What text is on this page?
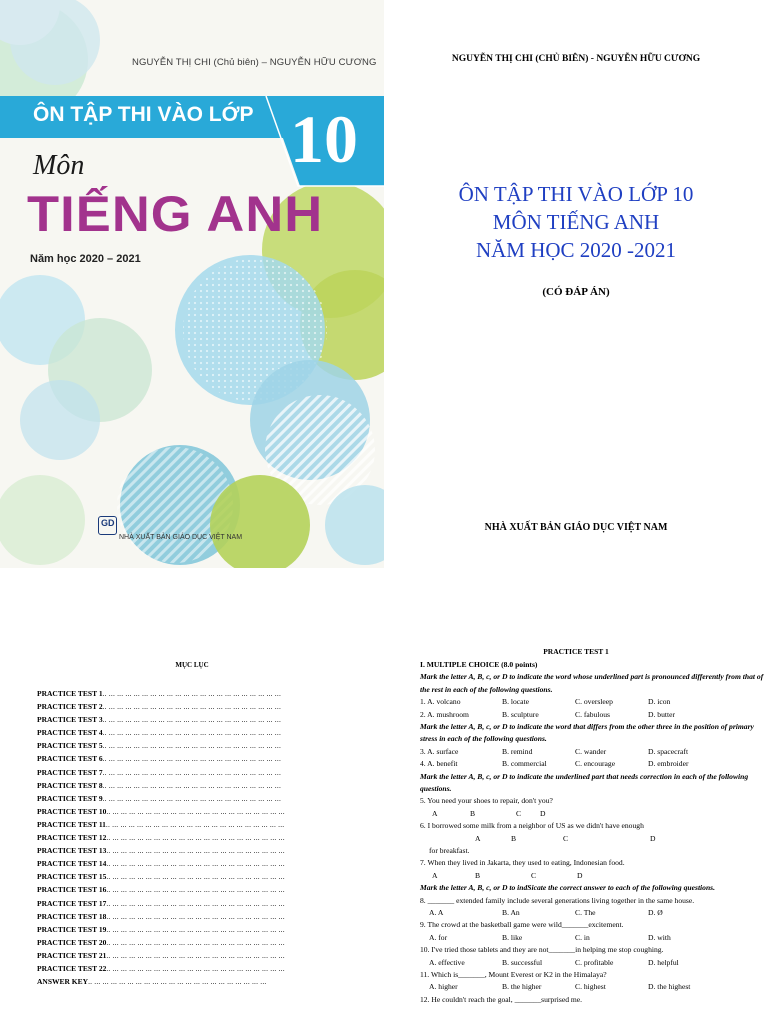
NGUYỄN THỊ CHI (Chủ biên) – NGUYỄN HỮU CƯƠNG
ÔN TẬP THI VÀO LỚP 10
Môn
TIẾNG ANH
Năm học 2020 – 2021
GD
NHÀ XUẤT BẢN GIÁO DỤC VIỆT NAM
NGUYỄN THỊ CHI (CHỦ BIÊN) - NGUYỄN HỮU CƯƠNG
ÔN TẬP THI VÀO LỚP 10
MÔN TIẾNG ANH
NĂM HỌC 2020 -2021
(CÓ ĐÁP ÁN)
NHÀ XUẤT BẢN GIÁO DỤC VIỆT NAM
MỤC LỤC
PRACTICE TEST 1.. ... ... ... ... ... ... ... ... ... ... ... ... ... ... ... ... ... ... ... ... ...
PRACTICE TEST 2.. ... ... ... ... ... ... ... ... ... ... ... ... ... ... ... ... ... ... ... ... ...
PRACTICE TEST 3.. ... ... ... ... ... ... ... ... ... ... ... ... ... ... ... ... ... ... ... ... ...
PRACTICE TEST 4.. ... ... ... ... ... ... ... ... ... ... ... ... ... ... ... ... ... ... ... ... ...
PRACTICE TEST 5.. ... ... ... ... ... ... ... ... ... ... ... ... ... ... ... ... ... ... ... ... ...
PRACTICE TEST 6.. ... ... ... ... ... ... ... ... ... ... ... ... ... ... ... ... ... ... ... ... ...
PRACTICE TEST 7.. ... ... ... ... ... ... ... ... ... ... ... ... ... ... ... ... ... ... ... ... ...
PRACTICE TEST 8.. ... ... ... ... ... ... ... ... ... ... ... ... ... ... ... ... ... ... ... ... ...
PRACTICE TEST 9.. ... ... ... ... ... ... ... ... ... ... ... ... ... ... ... ... ... ... ... ... ...
PRACTICE TEST 10.. ... ... ... ... ... ... ... ... ... ... ... ... ... ... ... ... ... ... ... ... ...
PRACTICE TEST 11.. ... ... ... ... ... ... ... ... ... ... ... ... ... ... ... ... ... ... ... ... ...
PRACTICE TEST 12.. ... ... ... ... ... ... ... ... ... ... ... ... ... ... ... ... ... ... ... ... ...
PRACTICE TEST 13.. ... ... ... ... ... ... ... ... ... ... ... ... ... ... ... ... ... ... ... ... ...
PRACTICE TEST 14.. ... ... ... ... ... ... ... ... ... ... ... ... ... ... ... ... ... ... ... ... ...
PRACTICE TEST 15.. ... ... ... ... ... ... ... ... ... ... ... ... ... ... ... ... ... ... ... ... ...
PRACTICE TEST 16.. ... ... ... ... ... ... ... ... ... ... ... ... ... ... ... ... ... ... ... ... ...
PRACTICE TEST 17.. ... ... ... ... ... ... ... ... ... ... ... ... ... ... ... ... ... ... ... ... ...
PRACTICE TEST 18.. ... ... ... ... ... ... ... ... ... ... ... ... ... ... ... ... ... ... ... ... ...
PRACTICE TEST 19.. ... ... ... ... ... ... ... ... ... ... ... ... ... ... ... ... ... ... ... ... ...
PRACTICE TEST 20.. ... ... ... ... ... ... ... ... ... ... ... ... ... ... ... ... ... ... ... ... ...
PRACTICE TEST 21.. ... ... ... ... ... ... ... ... ... ... ... ... ... ... ... ... ... ... ... ... ...
PRACTICE TEST 22.. ... ... ... ... ... ... ... ... ... ... ... ... ... ... ... ... ... ... ... ... ...
ANSWER KEY.. ... ... ... ... ... ... ... ... ... ... ... ... ... ... ... ... ... ... ... ... ...
PRACTICE TEST 1
I. MULTIPLE CHOICE (8.0 points)
Mark the letter A, B, c, or D to indicate the word whose underlined part is pronounced differently from that of the rest in each of the following questions.
1. A. volcano	B. locate	C. oversleep	D. icon
2. A. mushroom	B. sculpture	C. fabulous	D. butter
Mark the letter A, B, c, or D to indicate the word that differs from the other three in the position of primary stress in each of the following questions.
3. A. surface	B. remind	C. wander	D. spacecraft
4. A. benefit	B. commercial	C. encourage	D. embroider
Mark the letter A, B, c, or D to indicate the underlined part that needs correction in each of the following questions.
5. You need your shoes to repair, don't you?
A	B	C D
6. I borrowed some milk from a neighbor of US as we didn't have enough
A	B	C	D
for breakfast.
7. When they lived in Jakarta, they used to eating, Indonesian food.
A	B	C	D
Mark the letter A, B, c, or D to indSicate the correct answer to each of the following questions.
8. _______ extended family include several generations living together in the same house.
A. A	B. An	C. The	D. Ø
9. The crowd at the basketball game were wild_______excitement.
A. for	B. like	C. in	D. with
10. I've tried those tablets and they are not_______in helping me stop coughing.
A. effective	B. successful	C. profitable	D. helpful
11. Which is_______, Mount Everest or K2 in the Himalaya?
A. higher	B. the higher	C. highest	D. the highest
12. He couldn't reach the goal, _______surprised me.
